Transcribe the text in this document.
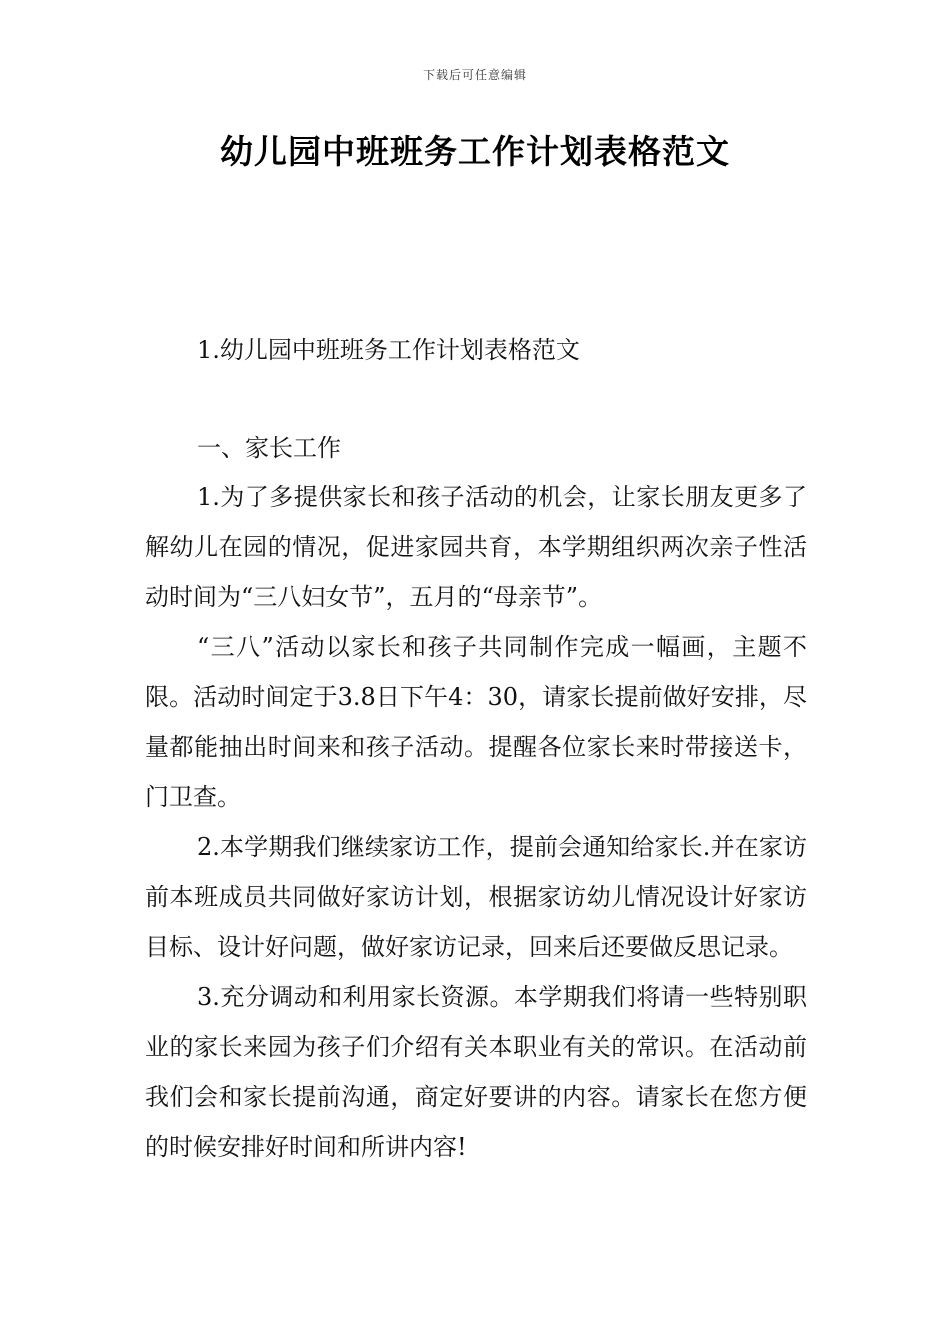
下载后可任意编辑
幼儿园中班班务工作计划表格范文

1.幼儿园中班班务工作计划表格范文

一、家长工作

1.为了多提供家长和孩子活动的机会，让家长朋友更多了解幼儿在园的情况，促进家园共育，本学期组织两次亲子性活动时间为“三八妇女节”，五月的“母亲节”。

“三八”活动以家长和孩子共同制作完成一幅画，主题不限。活动时间定于3.8日下午4：30，请家长提前做好安排，尽量都能抽出时间来和孩子活动。提醒各位家长来时带接送卡，门卫查。

2.本学期我们继续家访工作，提前会通知给家长.并在家访前本班成员共同做好家访计划，根据家访幼儿情况设计好家访目标、设计好问题，做好家访记录，回来后还要做反思记录。

3.充分调动和利用家长资源。本学期我们将请一些特别职业的家长来园为孩子们介绍有关本职业有关的常识。在活动前我们会和家长提前沟通，商定好要讲的内容。请家长在您方便的时候安排好时间和所讲内容!
